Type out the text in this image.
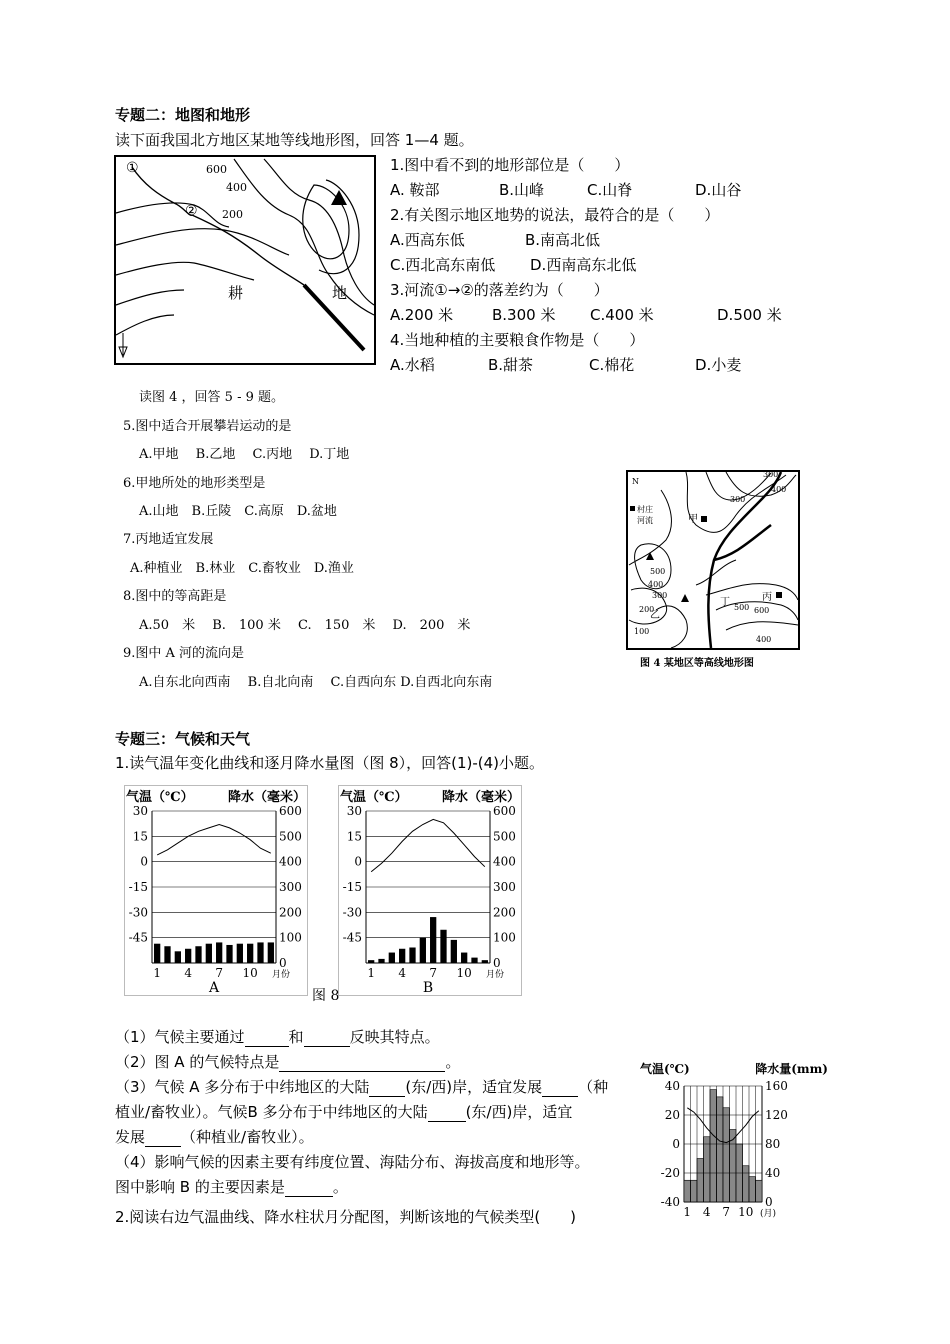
专题二：地图和地形
读下面我国北方地区某地等线地形图，回答 1—4 题。
①
②
600
400
200
耕	地
1.图中看不到的地形部位是（　　）
A. 鞍部	B.山峰	C.山脊	D.山谷
2.有关图示地区地势的说法，最符合的是（　　）
A.西高东低	B.南高北低
C.西北高东南低 D.西南高东北低
3.河流①→②的落差约为（　　）
A.200 米	B.300 米 C.400 米	D.500 米
4.当地种植的主要粮食作物是（　　）
A.水稻	B.甜茶	C.棉花	D.小麦
读图 4 ，回答 5 - 9 题。
5.图中适合开展攀岩运动的是
A.甲地　 B.乙地　 C.丙地　 D.丁地
6.甲地所处的地形类型是
A.山地　B.丘陵　C.高原　D.盆地
7.丙地适宜发展
A.种植业　B.林业　C.畜牧业　D.渔业
8.图中的等高距是
A.50　米　 B.　100 米　 C.　150　米　 D.　200　米
9.图中 A 河的流向是
A.自东北向西南　 B.自北向南　 C.自西向东 D.自西北向东南
N
村庄
河流	甲
乙
丙
丁
300
400
300
500
400
300
200
100
500 600
400
图 4 某地区等高线地形图
专题三：气候和天气
1.读气温年变化曲线和逐月降水量图（图 8），回答(1)-(4)小题。
600
500
400
300
200
100
0
30
15
0
-15
-30
-45
1 4 7 10 月份
气温（℃）	降水（毫米）
A
600
500
400
300
200
100
0
30
15
0
-15
-30
-45
1 4 7 10 月份
气温（℃）	降水（毫米）
B
图 8
（1）气候主要通过	和	反映其特点。
（2）图 A 的气候特点是	。
（3）气候 A 多分布于中纬地区的大陆 (东/西)岸，适宜发展 （种
植业/畜牧业）。气候B 多分布于中纬地区的大陆	(东/西)岸，适宜
发展 （种植业/畜牧业）。
（4）影响气候的因素主要有纬度位置、海陆分布、海拔高度和地形等。
图中影响 B 的主要因素是	。
2.阅读右边气温曲线、降水柱状月分配图，判断该地的气候类型(　　)
160
120
80
40
0
40
20
0
-20
-40
1 4 7 10 (月)
气温(℃)	降水量(mm)
